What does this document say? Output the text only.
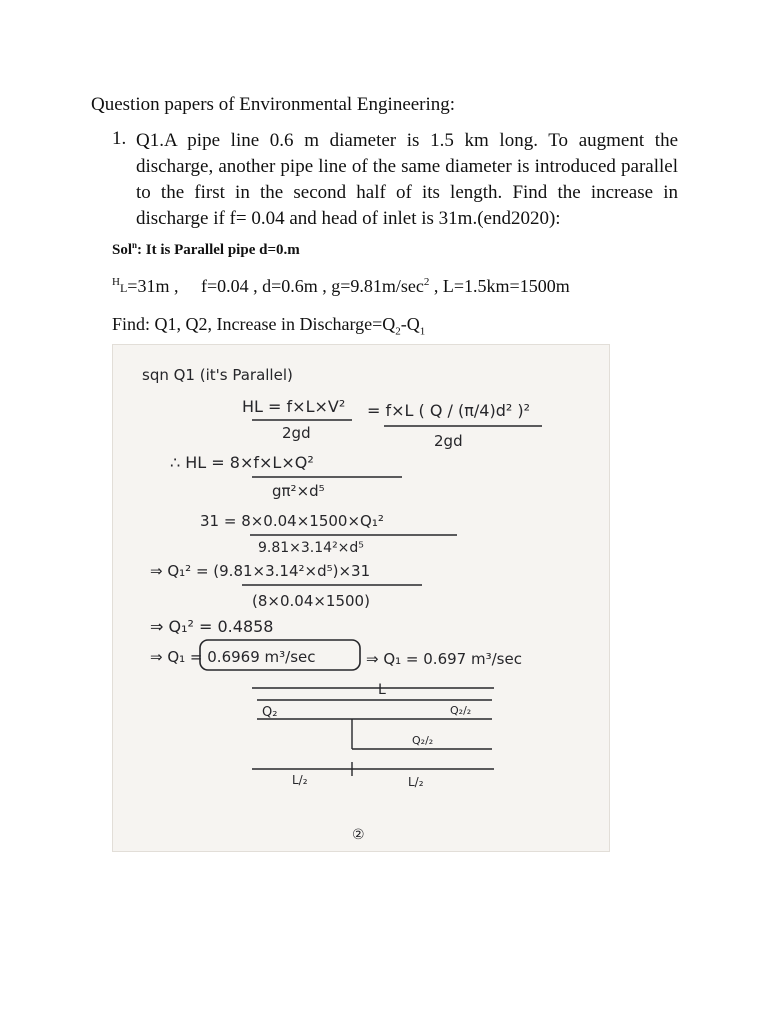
Question papers of Environmental Engineering:

1. Q1.A pipe line 0.6 m diameter is 1.5 km long. To augment the discharge, another pipe line of the same diameter is introduced parallel to the first in the second half of its length. Find the increase in discharge if f= 0.04 and head of inlet is 31m.(end2020):

Sol$^n$: It is Parallel pipe d=0.m

$^H$L=31m ,     f=0.04 , d=0.6m , $g=9.81m/\sec^2$ , L=1.5km=1500m

Find: Q1, Q2, Increase in $Discharge=Q_2-Q_1$

sqn Q1 (it's Parallel)
HL = f×L×V²
2gd
= f×L ( Q / (π/4)d² )²
2gd
∴ HL = 8×f×L×Q²
gπ²×d⁵
31 = 8×0.04×1500×Q₁²
9.81×3.14²×d⁵
⇒ Q₁² = (9.81×3.14²×d⁵)×31
(8×0.04×1500)
⇒ Q₁² = 0.4858
⇒ Q₁ = 0.6969 m³/sec	⇒ Q₁ = 0.697 m³/sec
L
Q₂	Q₂/₂
Q₂/₂
L/₂	L/₂
②
